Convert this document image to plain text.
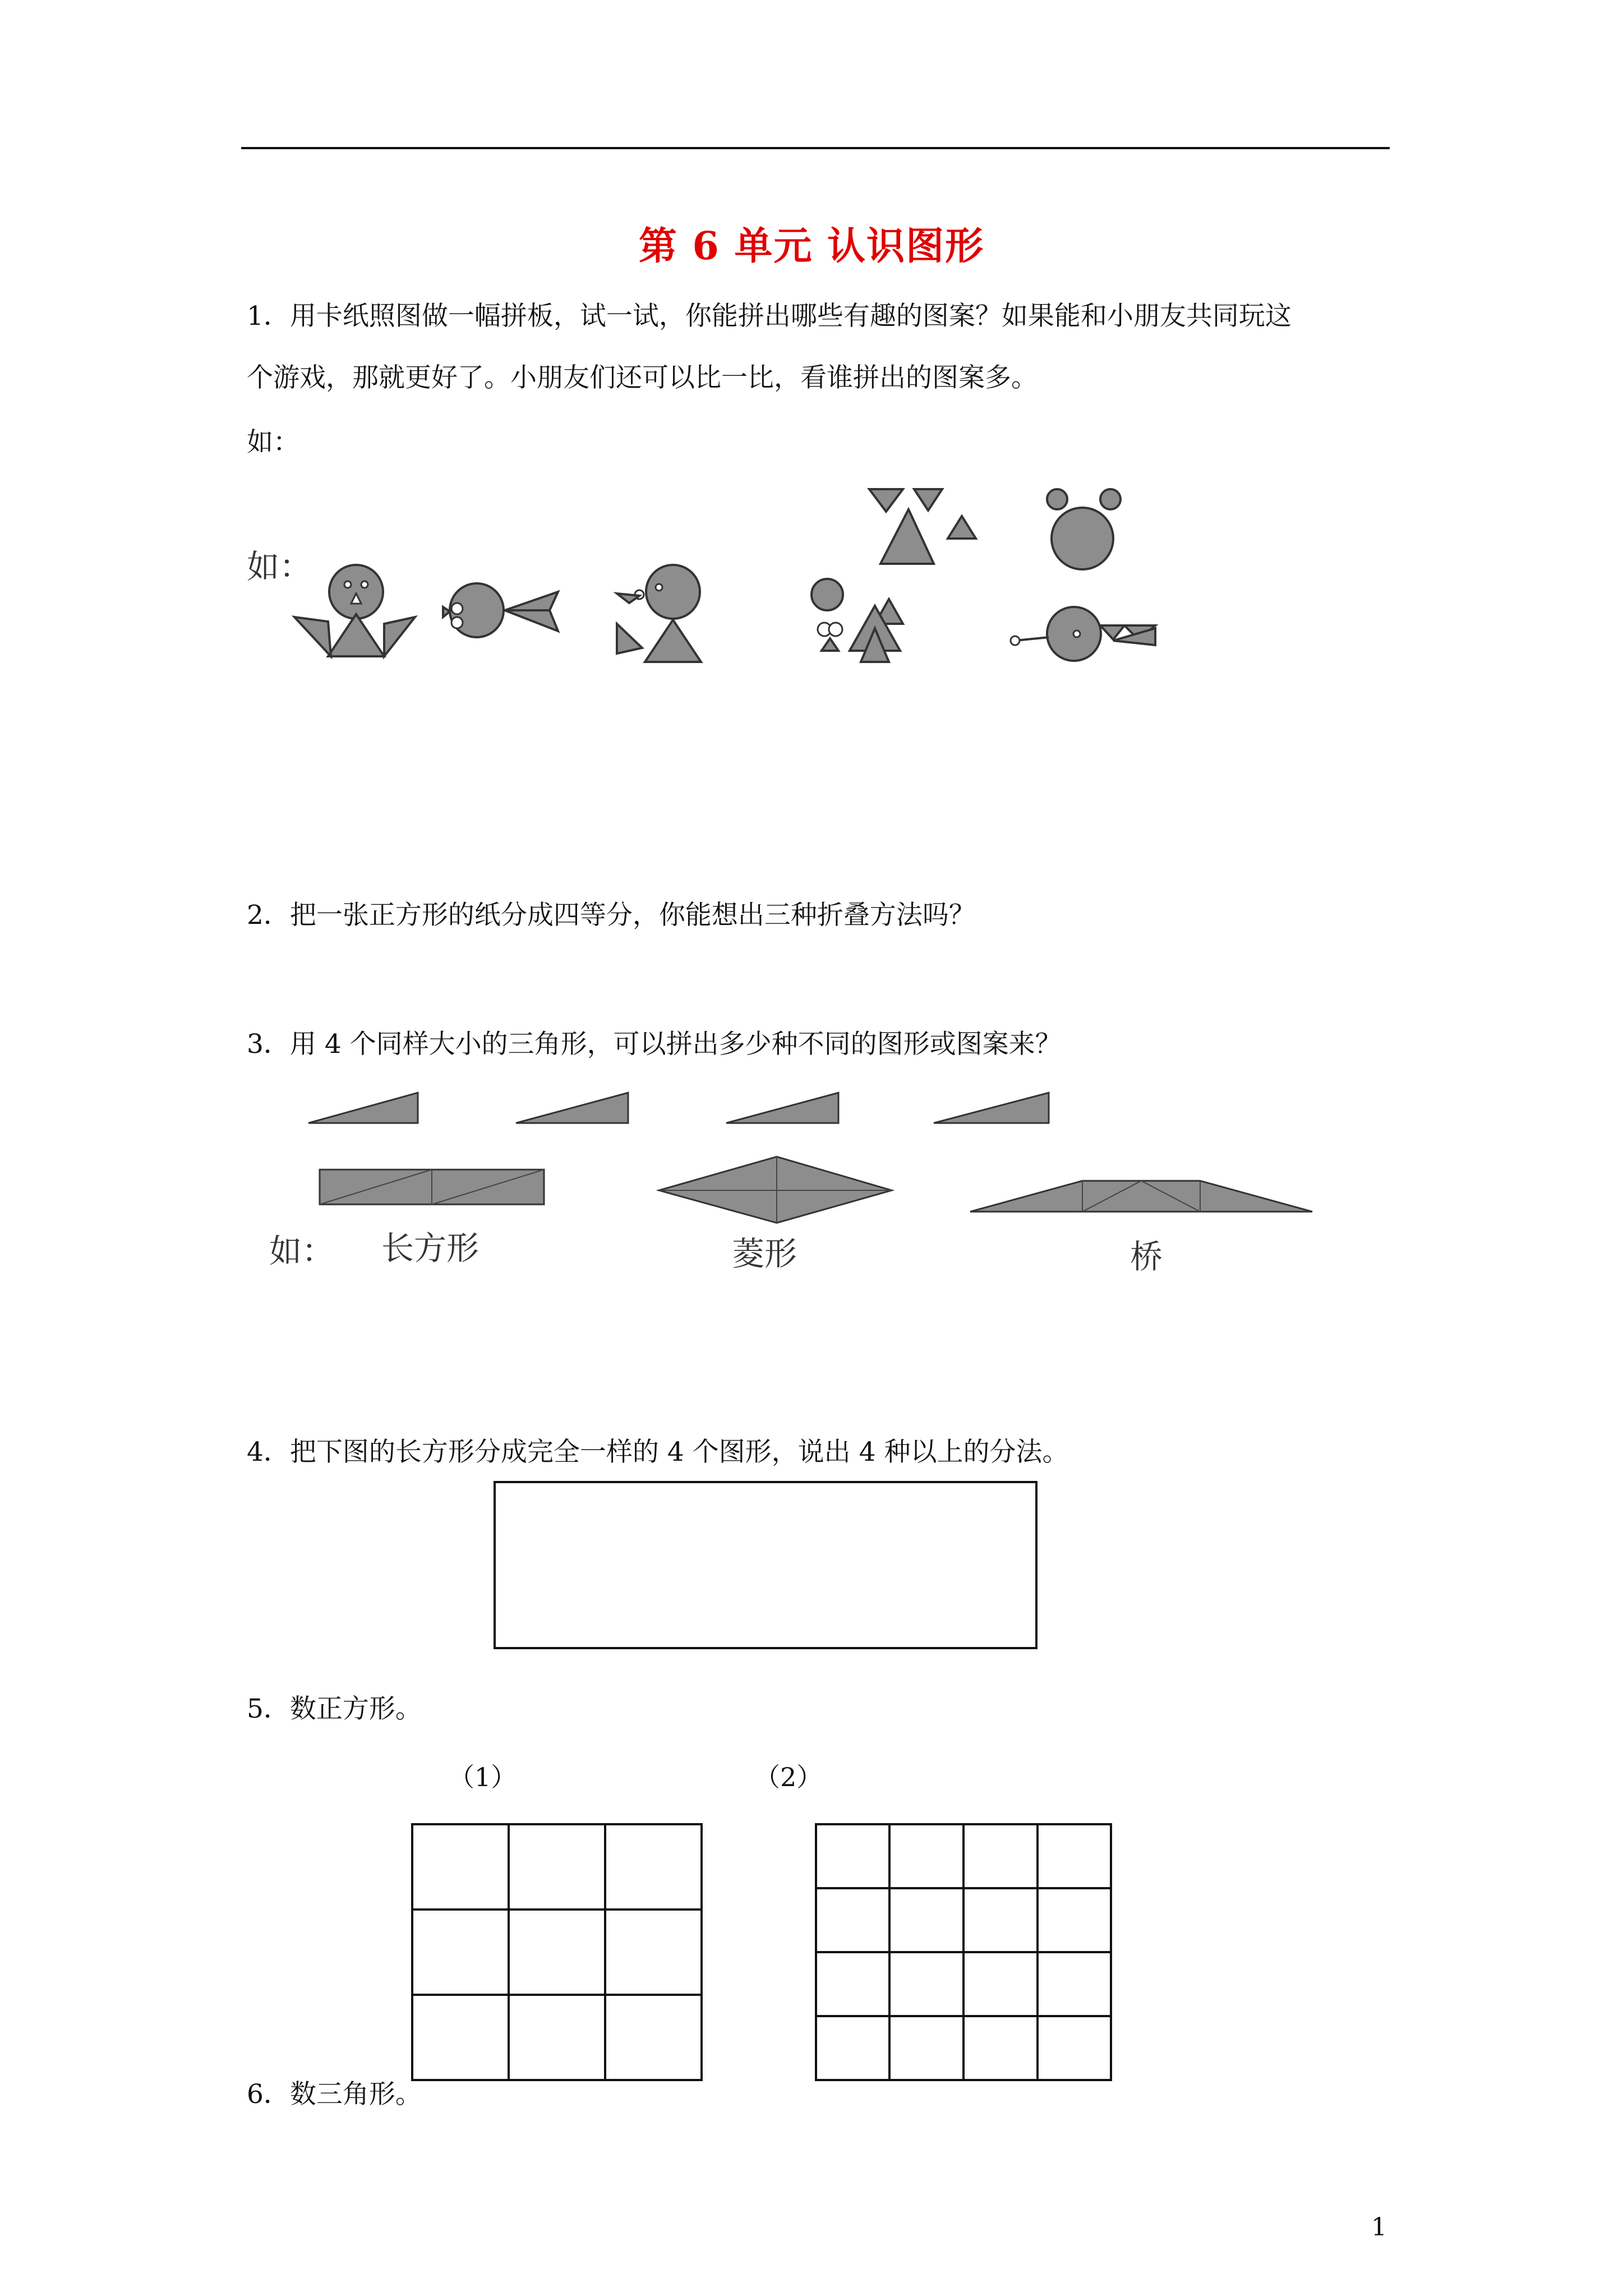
第 6 单元 认识图形
1．用卡纸照图做一幅拼板，试一试，你能拼出哪些有趣的图案？如果能和小朋友共同玩这
个游戏，那就更好了。小朋友们还可以比一比，看谁拼出的图案多。
如：
如：
2．把一张正方形的纸分成四等分，你能想出三种折叠方法吗？
3．用 4 个同样大小的三角形，可以拼出多少种不同的图形或图案来？
如： 长方形	菱形	桥
4．把下图的长方形分成完全一样的 4 个图形，说出 4 种以上的分法。
5．数正方形。
（1）	（2）
6．数三角形。
1
